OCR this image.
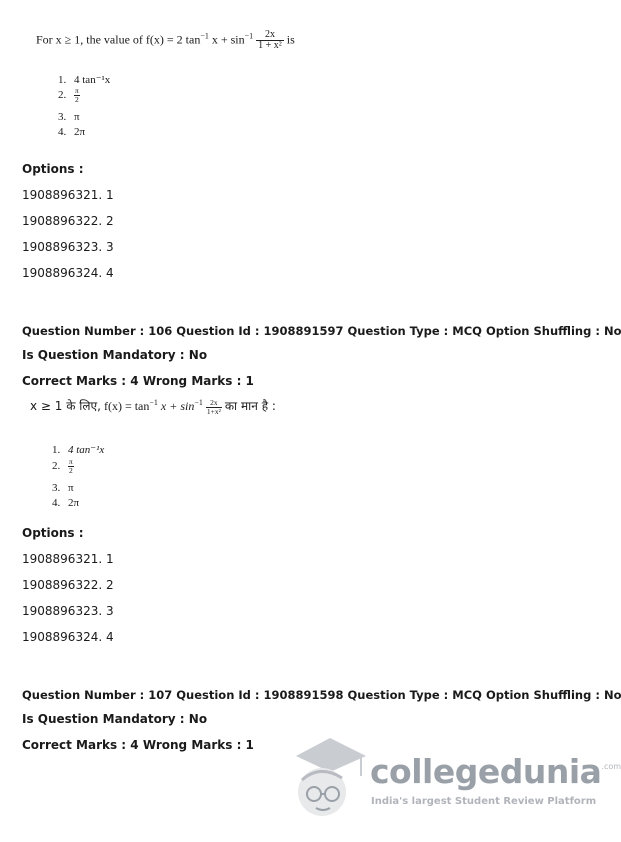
For x ≥ 1, the value of f(x) = 2 $\tan^{-1} x + \sin^{-1} \frac{2x}{\text{1 + x²}}$ is
1. 4 tan⁻¹x
2. $\frac{\pi}{2}$
3. π
4. 2π
Options :
1908896321. 1
1908896322. 2
1908896323. 3
1908896324. 4
Question Number : 106 Question Id : 1908891597 Question Type : MCQ Option Shuffling : No
Is Question Mandatory : No
Correct Marks : 4 Wrong Marks : 1
x ≥ 1 के लिए, $f(x) = \tan^{-1} x + \sin^{-1} \frac{2x}{\text{1+x²}}$ का मान है :
1. 4 tan⁻¹x
2. $\frac{\pi}{2}$
3. π
4. 2π
Options :
1908896321. 1
1908896322. 2
1908896323. 3
1908896324. 4
Question Number : 107 Question Id : 1908891598 Question Type : MCQ Option Shuffling : No
Is Question Mandatory : No
Correct Marks : 4 Wrong Marks : 1
collegedunia$^{.com}$
India's largest Student Review Platform
